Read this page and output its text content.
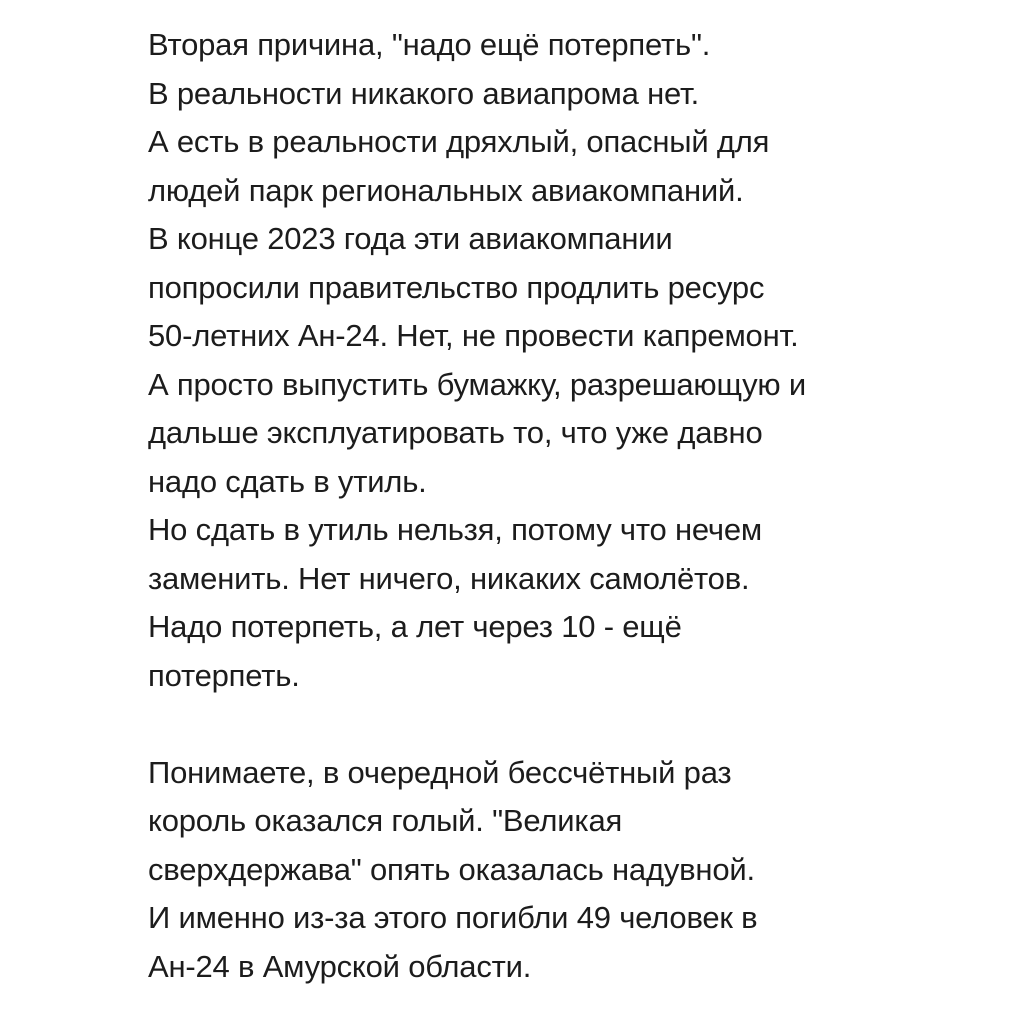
Вторая причина, "надо ещё потерпеть".
В реальности никакого авиапрома нет.
А есть в реальности дряхлый, опасный для
людей парк региональных авиакомпаний.
В конце 2023 года эти авиакомпании
попросили правительство продлить ресурс
50-летних Ан-24. Нет, не провести капремонт.
А просто выпустить бумажку, разрешающую и
дальше эксплуатировать то, что уже давно
надо сдать в утиль.
Но сдать в утиль нельзя, потому что нечем
заменить. Нет ничего, никаких самолётов.
Надо потерпеть, а лет через 10 - ещё
потерпеть.
Понимаете, в очередной бессчётный раз
король оказался голый. "Великая
сверхдержава" опять оказалась надувной.
И именно из-за этого погибли 49 человек в
Ан-24 в Амурской области.
